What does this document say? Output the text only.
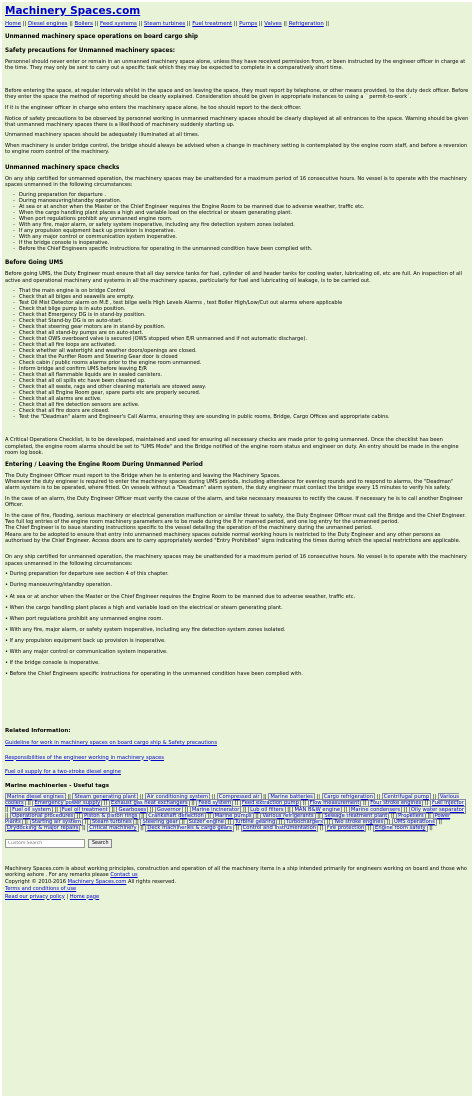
Machinery Spaces.com
Home || Diesel engines || Boilers || Feed systems || Steam turbines || Fuel treatment || Pumps || Valves || Refrigeration ||
Unmanned machinery space operations on board cargo ship
Safety precautions for Unmanned machinery spaces:

Personnel should never enter or remain in an unmanned machinery space alone, unless they have received permission from, or been instructed by the engineer officer in charge at the time. They may only be sent to carry out a specific task which they may be expected to complete in a comparatively short time.

Before entering the space, at regular intervals whilst in the space and on leaving the space, they must report by telephone, or other means provided, to the duty deck officer. Before they enter the space the method of reporting should be clearly explained. Consideration should be given in appropriate instances to using a ` permit-to-work`.

If it is the engineer officer in charge who enters the machinery space alone, he too should report to the deck officer.

Notice of safety precautions to be observed by personnel working in unmanned machinery spaces should be clearly displayed at all entrances to the space. Warning should be given that unmanned machinery spaces there is a likelihood of machinery suddenly starting up.

Unmanned machinery spaces should be adequately illuminated at all times.

When machinery is under bridge control, the bridge should always be advised when a change in machinery setting is contemplated by the engine room staff, and before a reversion to engine room control of the machinery.

Unmanned machinery space checks

On any ship certified for unmanned operation, the machinery spaces may be unattended for a maximum period of 16 consecutive hours. No vessel is to operate with the machinery spaces unmanned in the following circumstances:

- During preparation for departure .
- During manoeuvring/standby operation.
- At sea or at anchor when the Master or the Chief Engineer requires the Engine Room to be manned due to adverse weather, traffic etc.
- When the cargo handling plant places a high and variable load on the electrical or steam generating plant.
- When port regulations prohibit any unmanned engine room.
- With any fire, major alarm, or safety system inoperative, including any fire detection system zones isolated.
- If any propulsion equipment back up provision is inoperative.
- With any major control or communication system inoperative.
- If the bridge console is inoperative.
- Before the Chief Engineers specific instructions for operating in the unmanned condition have been complied with.
Before Going UMS

Before going UMS, the Duty Engineer must ensure that all day service tanks for fuel, cylinder oil and header tanks for cooling water, lubricating oil, etc are full. An inspection of all active and operational machinery and systems in all the machinery spaces, particularly for fuel and lubricating oil leakage, is to be carried out.

- That the main engine is on bridge Control
- Check that all bilges and seawells are empty.
- Test Oil Mist Detector alarm on M.E , test bilge wells High Levels Alarms , test Boiler High/Low/Cut out alarms where applicable
- Check that bilge pump is in auto position.
- Check that Emergency DG is in stand-by position.
- Check that Stand-by DG is on auto-start.
- Check that steering gear motors are in stand-by position.
- Check that all stand-by pumps are on auto-start.
- Check that OWS overboard valve is secured (OWS stopped when E/R unmanned and if not automatic discharge).
- Check that all fire loops are activated.
- Check whether all watertight and weather doors/openings are closed.
- Check that the Purifier Room and Steering Gear door is closed
- Check cabin / public rooms alarms prior to the engine room unmanned.
- Inform bridge and confirm UMS before leaving E/R
- Check that all flammable liquids are in sealed canisters.
- Check that all oil spills etc have been cleaned up.
- Check that all waste, rags and other cleaning materials are stowed away.
- Check that all Engine Room gear, spare parts etc are properly secured.
- Check that all alarms are active.
- Check that all fire detection sensors are active.
- Check that all fire doors are closed.
- Test the "Deadman" alarm and Engineer's Call Alarms, ensuring they are sounding in public rooms, Bridge, Cargo Offices and appropriate cabins.

A Critical Operations Checklist, is to be developed, maintained and used for ensuring all necessary checks are made prior to going unmanned. Once the checklist has been completed, the engine room alarms should be set to "UMS Mode" and the Bridge notified of the engine room status and engineer on duty. An entry should be made in the engine room log book.

Entering / Leaving the Engine Room During Unmanned Period

The Duty Engineer Officer must report to the Bridge when he is entering and leaving the Machinery Spaces.

Whenever the duty engineer is required to enter the machinery spaces during UMS periods, including attendance for evening rounds and to respond to alarms, the "Deadman" alarm system is to be operated, where fitted. On vessels without a "Deadman" alarm system, the duty engineer must contact the bridge every 15 minutes to verify his safety.

In the case of an alarm, the Duty Engineer Officer must verify the cause of the alarm, and take necessary measures to rectify the cause. If necessary he is to call another Engineer Officer.

In the case of fire, flooding, serious machinery or electrical generation malfunction or similar threat to safety, the Duty Engineer Officer must call the Bridge and the Chief Engineer.

Two full log entries of the engine room machinery parameters are to be made during the 8 hr manned period, and one log entry for the unmanned period.

The Chief Engineer is to issue standing instructions specific to the vessel detailing the operation of the machinery during the unmanned period.

Means are to be adopted to ensure that entry into unmanned machinery spaces outside normal working hours is restricted to the Duty Engineer and any other persons as authorised by the Chief Engineer. Access doors are to carry appropriately worded "Entry Prohibited" signs indicating the times during which the special restrictions are applicable.

On any ship certified for unmanned operation, the machinery spaces may be unattended for a maximum period of 16 consecutive hours. No vessel is to operate with the machinery spaces unmanned in the following circumstances:

• During preparation for departure see section 4 of this chapter.
• During manoeuvring/standby operation.
• At sea or at anchor when the Master or the Chief Engineer requires the Engine Room to be manned due to adverse weather, traffic etc.
• When the cargo handling plant places a high and variable load on the electrical or steam generating plant.
• When port regulations prohibit any unmanned engine room.
• With any fire, major alarm, or safety system inoperative, including any fire detection system zones isolated.
• If any propulsion equipment back up provision is inoperative.
• With any major control or communication system inoperative.
• If the bridge console is inoperative.
• Before the Chief Engineers specific instructions for operating in the unmanned condition have been complied with.
Related Information:
Guideline for work in machinery spaces on board cargo ship & Safety precautions
Responsibilities of the engineer working in machinery spaces
Fuel oil supply for a two-stroke diesel engine
Marine machineries - Useful tags
Marine diesel engines || Steam generating plant || Air conditioning system || Compressed air || Marine batteries || Cargo refrigeration || Centrifugal pump || Various coolers || Emergency power supply || Exhaust gas heat exchangers || Feed system || Feed extraction pump || Flow measurement || Four stroke engines || Fuel injector || Fuel oil system || Fuel oil treatment || Gearboxes || Governor || Marine incinerator || Lub oil filters || MAN B&W engine || Marine condensers || Oily water separator || Operational procedures || Piston & piston rings || Crankshaft deflection || Marine pumps || Various refrigerants || Sewage treatment plant || Propellers || Power Plants || Starting air system || Steam turbines || Steering gear || Sulzer engine || Turbine gearing || Turbochargers || Two stroke engines || UMS operations || Drydocking & major repairs || Critical machinery || Deck machineries & cargo gears || Control and instrumentation || Fire protection || Engine room safety ||
Custom Search
Search

Machinery Spaces.com is about working principles, construction and operation of all the machinery items in a ship intended primarily for engineers working on board and those who working ashore . For any remarks please Contact us

Copyright © 2010-2016 Machinery Spaces.com All rights reserved.

Terms and conditions of use

Read our privacy policy | Home page
